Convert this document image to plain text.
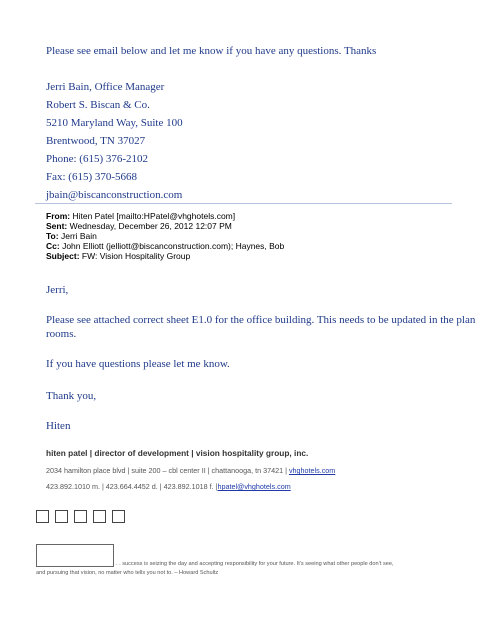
Please see email below and let me know if you have any questions. Thanks
Jerri Bain, Office Manager
Robert S. Biscan & Co.
5210 Maryland Way, Suite 100
Brentwood, TN 37027
Phone: (615) 376-2102
Fax: (615) 370-5668
jbain@biscanconstruction.com
From: Hiten Patel [mailto:HPatel@vhghotels.com]
Sent: Wednesday, December 26, 2012 12:07 PM
To: Jerri Bain
Cc: John Elliott (jelliott@biscanconstruction.com); Haynes, Bob
Subject: FW: Vision Hospitality Group
Jerri,
Please see attached correct sheet E1.0 for the office building. This needs to be updated in the plan
rooms.
If you have questions please let me know.
Thank you,
Hiten
hiten patel | director of development | vision hospitality group, inc.
2034 hamilton place blvd | suite 200 – cbl center II | chattanooga, tn 37421 | vhghotels.com
423.892.1010 m. | 423.664.4452 d. | 423.892.1018 f. |hpatel@vhghotels.com
. . success is seizing the day and accepting responsibility for your future. It’s seeing what other people don’t see,
and pursuing that vision, no matter who tells you not to. – Howard Schultz
